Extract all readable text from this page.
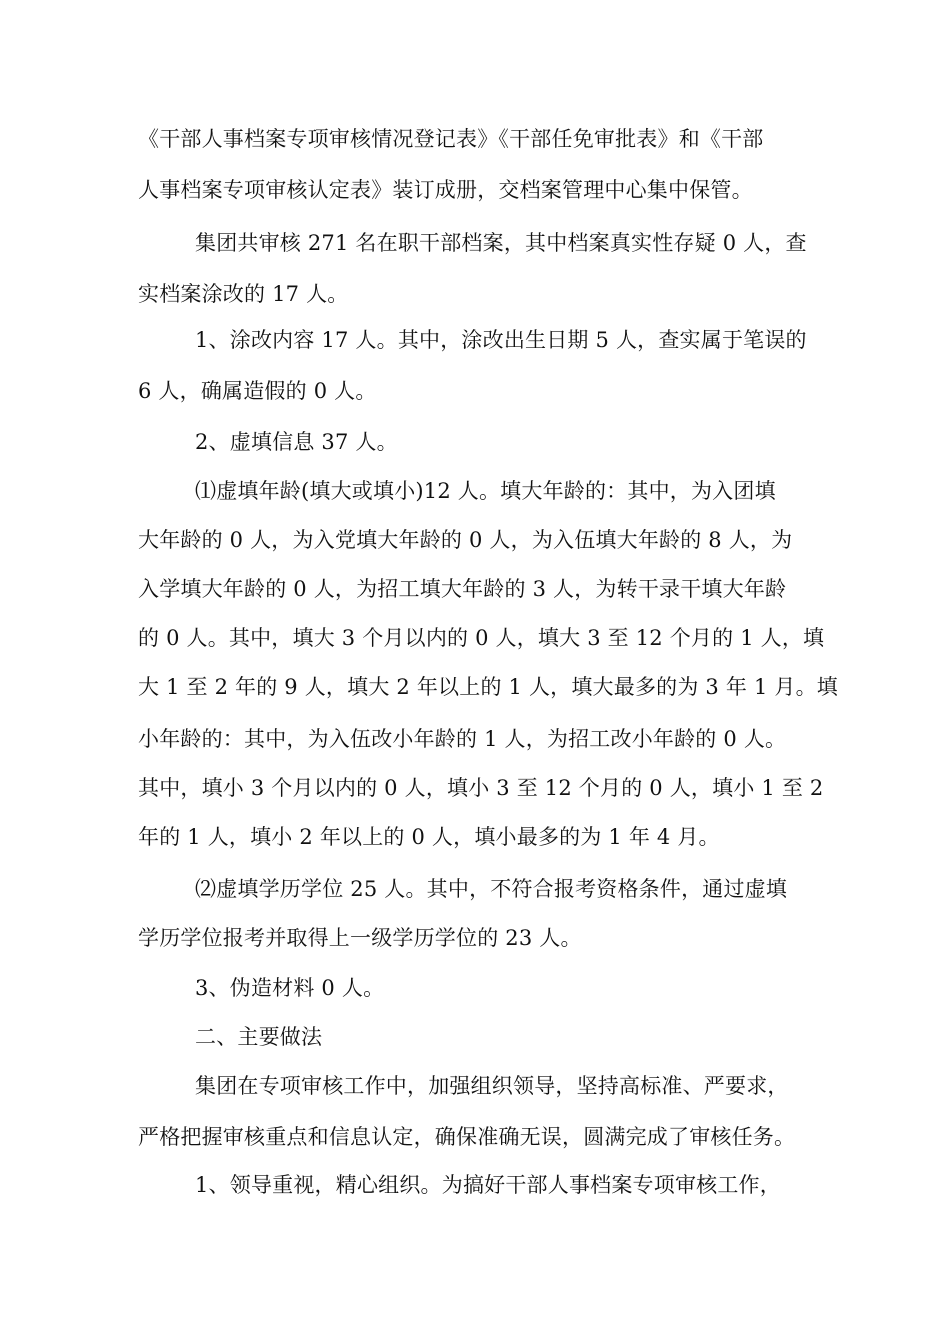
《干部人事档案专项审核情况登记表》《干部任免审批表》和《干部
人事档案专项审核认定表》装订成册，交档案管理中心集中保管。
集团共审核 271 名在职干部档案，其中档案真实性存疑 0 人，查
实档案涂改的 17 人。
1、涂改内容 17 人。其中，涂改出生日期 5 人，查实属于笔误的
6 人，确属造假的 0 人。
2、虚填信息 37 人。
⑴虚填年龄(填大或填小)12 人。填大年龄的：其中，为入团填
大年龄的 0 人，为入党填大年龄的 0 人，为入伍填大年龄的 8 人，为
入学填大年龄的 0 人，为招工填大年龄的 3 人，为转干录干填大年龄
的 0 人。其中，填大 3 个月以内的 0 人，填大 3 至 12 个月的 1 人，填
大 1 至 2 年的 9 人，填大 2 年以上的 1 人，填大最多的为 3 年 1 月。填
小年龄的：其中，为入伍改小年龄的 1 人，为招工改小年龄的 0 人。
其中，填小 3 个月以内的 0 人，填小 3 至 12 个月的 0 人，填小 1 至 2
年的 1 人，填小 2 年以上的 0 人，填小最多的为 1 年 4 月。
⑵虚填学历学位 25 人。其中，不符合报考资格条件，通过虚填
学历学位报考并取得上一级学历学位的 23 人。
3、伪造材料 0 人。
二、主要做法
集团在专项审核工作中，加强组织领导，坚持高标准、严要求，
严格把握审核重点和信息认定，确保准确无误，圆满完成了审核任务。
1、领导重视，精心组织。为搞好干部人事档案专项审核工作，
